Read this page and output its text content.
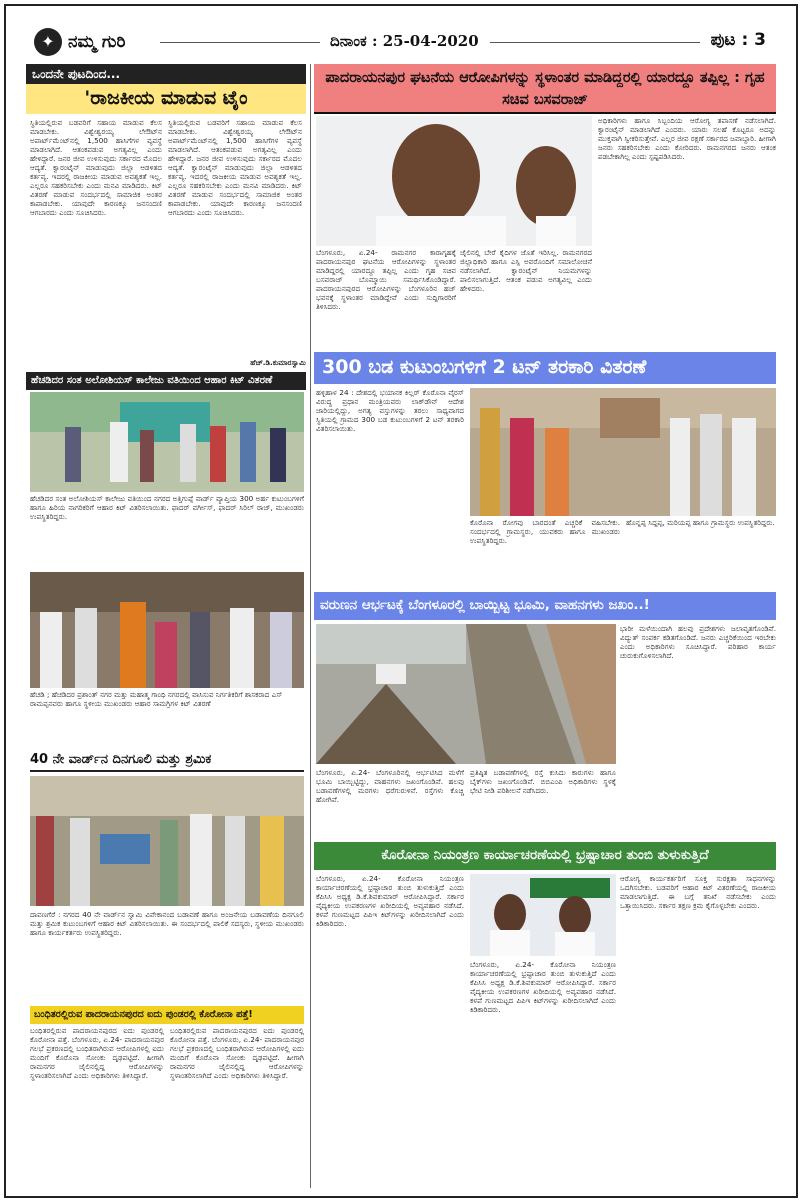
✦ ನಮ್ಮ ಗುರಿ	ದಿನಾಂಕ : 25-04-2020	ಪುಟ : 3
ಒಂದನೇ ಪುಟದಿಂದ...
'ರಾಜಕೀಯ ಮಾಡುವ ಟೈಂ
ಸ್ಥಿತಿಯಲ್ಲಿರುವ ಬಡವರಿಗೆ ಸಹಾಯ ಮಾಡುವ ಕೆಲಸ ಮಾಡಬೇಕು. ವಿಶ್ವೇಶ್ವರಯ್ಯ ಲೇಔಟ್‌ನ ಅಪಾರ್ಟ್‌ಮೆಂಟ್‌ನಲ್ಲಿ 1,500 ಹಾಸಿಗೆಗಳ ವ್ಯವಸ್ಥೆ ಮಾಡಲಾಗಿದೆ. ಆತಂಕಪಡುವ ಅಗತ್ಯವಿಲ್ಲ ಎಂದು ಹೇಳಿದ್ದಾರೆ. ಜನರ ಜೀವ ಉಳಿಸುವುದು ಸರ್ಕಾರದ ಮೊದಲ ಆದ್ಯತೆ. ಕ್ವಾರಂಟೈನ್ ಮಾಡುವುದು ಜಿಲ್ಲಾ ಆಡಳಿತದ ಕರ್ತವ್ಯ. ಇದರಲ್ಲಿ ರಾಜಕೀಯ ಮಾಡುವ ಅವಶ್ಯಕತೆ ಇಲ್ಲ. ಎಲ್ಲರೂ ಸಹಕರಿಸಬೇಕು ಎಂದು ಮನವಿ ಮಾಡಿದರು. ಕಿಟ್ ವಿತರಣೆ ಮಾಡುವ ಸಂದರ್ಭದಲ್ಲಿ ಸಾಮಾಜಿಕ ಅಂತರ ಕಾಪಾಡಬೇಕು. ಯಾವುದೇ ಕಾರಣಕ್ಕೂ ಜನಸಂದಣಿ ಆಗಬಾರದು ಎಂದು ಸೂಚಿಸಿದರು.
ಸ್ಥಿತಿಯಲ್ಲಿರುವ ಬಡವರಿಗೆ ಸಹಾಯ ಮಾಡುವ ಕೆಲಸ ಮಾಡಬೇಕು. ವಿಶ್ವೇಶ್ವರಯ್ಯ ಲೇಔಟ್‌ನ ಅಪಾರ್ಟ್‌ಮೆಂಟ್‌ನಲ್ಲಿ 1,500 ಹಾಸಿಗೆಗಳ ವ್ಯವಸ್ಥೆ ಮಾಡಲಾಗಿದೆ. ಆತಂಕಪಡುವ ಅಗತ್ಯವಿಲ್ಲ ಎಂದು ಹೇಳಿದ್ದಾರೆ. ಜನರ ಜೀವ ಉಳಿಸುವುದು ಸರ್ಕಾರದ ಮೊದಲ ಆದ್ಯತೆ. ಕ್ವಾರಂಟೈನ್ ಮಾಡುವುದು ಜಿಲ್ಲಾ ಆಡಳಿತದ ಕರ್ತವ್ಯ. ಇದರಲ್ಲಿ ರಾಜಕೀಯ ಮಾಡುವ ಅವಶ್ಯಕತೆ ಇಲ್ಲ. ಎಲ್ಲರೂ ಸಹಕರಿಸಬೇಕು ಎಂದು ಮನವಿ ಮಾಡಿದರು. ಕಿಟ್ ವಿತರಣೆ ಮಾಡುವ ಸಂದರ್ಭದಲ್ಲಿ ಸಾಮಾಜಿಕ ಅಂತರ ಕಾಪಾಡಬೇಕು. ಯಾವುದೇ ಕಾರಣಕ್ಕೂ ಜನಸಂದಣಿ ಆಗಬಾರದು ಎಂದು ಸೂಚಿಸಿದರು.
ಹೆಚ್.ಡಿ.ಕುಮಾರಸ್ವಾಮಿ
ಹೆಚಡಿದರ ಸಂತ ಅಲೋಶಿಯಸ್ ಕಾಲೇಜು ವತಿಯಿಂದ ಆಹಾರ ಕಿಟ್ ವಿತರಣೆ
ಹೆಚಡಿದರ ಸಂತ ಅಲೋಶಿಯಸ್ ಕಾಲೇಜು ವತಿಯಿಂದ ನಗರದ ಅತ್ತಿಗುಪ್ಪೆ ವಾರ್ಡ್ ವ್ಯಾಪ್ತಿಯ 300 ಅರ್ಹ ಕುಟುಂಬಗಳಿಗೆ ಹಾಗೂ ಹಿರಿಯ ನಾಗರಿಕರಿಗೆ ಆಹಾರ ಕಿಟ್ ವಿತರಿಸಲಾಯಿತು. ಫಾದರ್ ವರ್ಗೀಸ್, ಫಾದರ್ ಸಿರಿಲ್ ರಾಜ್, ಮುಖಂಡರು ಉಪಸ್ಥಿತರಿದ್ದರು.
ಹೆಚಡಿ ; ಹೆಚಡಿದರ ಪ್ರಶಾಂತ್ ನಗರ ಮತ್ತು ಮಹಾತ್ಮ ಗಾಂಧಿ ನಗರದಲ್ಲಿ ವಾಸಿಸುವ ನಿರ್ಗತಿಕರಿಗೆ ಶಾಸಕರಾದ ಎಸ್ ರಾಮಪ್ಪನವರು ಹಾಗೂ ಸ್ಥಳೀಯ ಮುಖಂಡರು ಆಹಾರ ಸಾಮಗ್ರಿಗಳ ಕಿಟ್ ವಿತರಣೆ
40 ನೇ ವಾರ್ಡ್‌ನ ದಿನಗೂಲಿ ಮತ್ತು ಶ್ರಮಿಕ
ದಾವಣಗೆರೆ : ನಗರದ 40 ನೇ ವಾರ್ಡ್‌ನ ಸ್ವಾಮಿ ವಿವೇಕಾನಂದ ಬಡಾವಣೆ ಹಾಗೂ ಅಂಜನೇಯ ಬಡಾವಣೆಯ ದಿನಗೂಲಿ ಮತ್ತು ಶ್ರಮಿಕ ಕುಟುಂಬಗಳಿಗೆ ಆಹಾರ ಕಿಟ್ ವಿತರಿಸಲಾಯಿತು. ಈ ಸಂದರ್ಭದಲ್ಲಿ ಪಾಲಿಕೆ ಸದಸ್ಯರು, ಸ್ಥಳೀಯ ಮುಖಂಡರು ಹಾಗೂ ಕಾರ್ಯಕರ್ತರು ಉಪಸ್ಥಿತರಿದ್ದರು.
ಬಂಧಿತರಲ್ಲಿರುವ ಪಾದರಾಯನಪುರದ ಐದು ಪುಂಡರಲ್ಲಿ ಕೊರೋನಾ ಪತ್ತೆ!
ಬಂಧಿತರಲ್ಲಿರುವ ಪಾದರಾಯನಪುರದ ಐದು ಪುಂಡರಲ್ಲಿ ಕೊರೋನಾ ಪತ್ತೆ. ಬೆಂಗಳೂರು, ಏ.24- ಪಾದರಾಯನಪುರ ಗಲಭೆ ಪ್ರಕರಣದಲ್ಲಿ ಬಂಧಿತರಾಗಿರುವ ಆರೋಪಿಗಳಲ್ಲಿ ಐದು ಮಂದಿಗೆ ಕೊರೊನಾ ಸೋಂಕು ದೃಢಪಟ್ಟಿದೆ. ಹೀಗಾಗಿ ರಾಮನಗರ ಜೈಲಿನಲ್ಲಿದ್ದ ಆರೋಪಿಗಳನ್ನು ಸ್ಥಳಾಂತರಿಸಲಾಗಿದೆ ಎಂದು ಅಧಿಕಾರಿಗಳು ತಿಳಿಸಿದ್ದಾರೆ.
ಬಂಧಿತರಲ್ಲಿರುವ ಪಾದರಾಯನಪುರದ ಐದು ಪುಂಡರಲ್ಲಿ ಕೊರೋನಾ ಪತ್ತೆ. ಬೆಂಗಳೂರು, ಏ.24- ಪಾದರಾಯನಪುರ ಗಲಭೆ ಪ್ರಕರಣದಲ್ಲಿ ಬಂಧಿತರಾಗಿರುವ ಆರೋಪಿಗಳಲ್ಲಿ ಐದು ಮಂದಿಗೆ ಕೊರೊನಾ ಸೋಂಕು ದೃಢಪಟ್ಟಿದೆ. ಹೀಗಾಗಿ ರಾಮನಗರ ಜೈಲಿನಲ್ಲಿದ್ದ ಆರೋಪಿಗಳನ್ನು ಸ್ಥಳಾಂತರಿಸಲಾಗಿದೆ ಎಂದು ಅಧಿಕಾರಿಗಳು ತಿಳಿಸಿದ್ದಾರೆ.
ಪಾದರಾಯನಪುರ ಘಟನೆಯ ಆರೋಪಿಗಳನ್ನು ಸ್ಥಳಾಂತರ ಮಾಡಿದ್ದರಲ್ಲಿ ಯಾರದ್ದೂ ತಪ್ಪಿಲ್ಲ : ಗೃಹ ಸಚಿವ ಬಸವರಾಜ್
ಬೆಂಗಳೂರು, ಏ.24- ರಾಮನಗರ ಕಾರಾಗೃಹಕ್ಕೆ ಪಾದರಾಯನಪುರ ಘಟನೆಯ ಆರೋಪಿಗಳನ್ನು ಸ್ಥಳಾಂತರ ಮಾಡಿದ್ದರಲ್ಲಿ ಯಾರದ್ದೂ ತಪ್ಪಿಲ್ಲ ಎಂದು ಗೃಹ ಸಚಿವ ಬಸವರಾಜ್ ಬೊಮ್ಮಾಯಿ ಸಮರ್ಥಿಸಿಕೊಂಡಿದ್ದಾರೆ. ಪಾದರಾಯನಪುರದ ಆರೋಪಿಗಳನ್ನು ಬೆಂಗಳೂರಿನ ಹಜ್ ಭವನಕ್ಕೆ ಸ್ಥಳಾಂತರ ಮಾಡಿದ್ದೇವೆ ಎಂದು ಸುದ್ದಿಗಾರರಿಗೆ ತಿಳಿಸಿದರು.
ಜೈಲಿನಲ್ಲಿ ಬೇರೆ ಕೈದಿಗಳ ಜೊತೆ ಇರಿಸಿಲ್ಲ. ರಾಮನಗರದ ಜಿಲ್ಲಾಧಿಕಾರಿ ಹಾಗೂ ಎಸ್ಪಿ ಅವರೊಂದಿಗೆ ಸಮಾಲೋಚನೆ ನಡೆಸಲಾಗಿದೆ. ಕ್ವಾರಂಟೈನ್ ನಿಯಮಗಳನ್ನು ಪಾಲಿಸಲಾಗುತ್ತಿದೆ. ಆತಂಕ ಪಡುವ ಅಗತ್ಯವಿಲ್ಲ ಎಂದು ಹೇಳಿದರು.
ಅಧಿಕಾರಿಗಳು ಹಾಗೂ ಸಿಬ್ಬಂದಿಯ ಆರೋಗ್ಯ ತಪಾಸಣೆ ನಡೆಸಲಾಗಿದೆ. ಕ್ವಾರಂಟೈನ್ ಮಾಡಲಾಗಿದೆ ಎಂದರು. ಯಾರು ಸಲಹೆ ಕೊಟ್ಟರೂ ಅದನ್ನು ಮುಕ್ತವಾಗಿ ಸ್ವೀಕರಿಸುತ್ತೇವೆ. ಎಲ್ಲರ ಜೀವ ರಕ್ಷಣೆ ಸರ್ಕಾರದ ಜವಾಬ್ದಾರಿ. ಹೀಗಾಗಿ ಜನರು ಸಹಕರಿಸಬೇಕು ಎಂದು ಕೋರಿದರು. ರಾಮನಗರದ ಜನರು ಆತಂಕ ಪಡಬೇಕಾಗಿಲ್ಲ ಎಂದು ಸ್ಪಷ್ಟಪಡಿಸಿದರು.
300 ಬಡ ಕುಟುಂಬಗಳಿಗೆ 2 ಟನ್ ತರಕಾರಿ ವಿತರಣೆ
ಹಳ್ಳಿಹಾಳ 24 : ದೇಶದಲ್ಲಿ ಭಯಾನಕ ಕಿಲ್ಲರ್ ಕೊರೊನಾ ವೈರಸ್ ವಿರುದ್ಧ ಪ್ರಧಾನ ಮಂತ್ರಿಯವರು ಲಾಕ್‌ಡೌನ್ ಆದೇಶ ಜಾರಿಯಲ್ಲಿದ್ದು, ಅಗತ್ಯ ವಸ್ತುಗಳನ್ನು ತರಲು ಸಾಧ್ಯವಾಗದ ಸ್ಥಿತಿಯಲ್ಲಿ ಗ್ರಾಮದ 300 ಬಡ ಕುಟುಂಬಗಳಿಗೆ 2 ಟನ್ ತರಕಾರಿ ವಿತರಿಸಲಾಯಿತು.
ಕೊರೊನಾ ರೋಗವು ಬಾರದಂತೆ ಎಚ್ಚರಿಕೆ ವಹಿಸಬೇಕು. ಸಂದರ್ಭದಲ್ಲಿ ಗ್ರಾಮಸ್ಥರು, ಯುವಕರು ಹಾಗೂ ಮುಖಂಡರು ಉಪಸ್ಥಿತರಿದ್ದರು.
ಹೊನ್ನಪ್ಪ ಸಿದ್ದಪ್ಪ, ಮರಿಯಪ್ಪ ಹಾಗೂ ಗ್ರಾಮಸ್ಥರು ಉಪಸ್ಥಿತರಿದ್ದರು.
ವರುಣನ ಆರ್ಭಟಕ್ಕೆ ಬೆಂಗಳೂರಲ್ಲಿ ಬಾಯ್ಬಿಟ್ಟ ಭೂಮಿ, ವಾಹನಗಳು ಜಖಂ..!
ಭಾರೀ ಮಳೆಯಿಂದಾಗಿ ಹಲವು ಪ್ರದೇಶಗಳು ಜಲಾವೃತಗೊಂಡಿವೆ. ವಿದ್ಯುತ್ ಸಂಪರ್ಕ ಕಡಿತಗೊಂಡಿದೆ. ಜನರು ಎಚ್ಚರಿಕೆಯಿಂದ ಇರಬೇಕು ಎಂದು ಅಧಿಕಾರಿಗಳು ಸೂಚಿಸಿದ್ದಾರೆ. ಪರಿಹಾರ ಕಾರ್ಯ ಚುರುಕುಗೊಳಿಸಲಾಗಿದೆ.
ಬೆಂಗಳೂರು, ಏ.24- ಬೆಂಗಳೂರಿನಲ್ಲಿ ಆರ್ಭಟಿಸಿದ ಮಳೆಗೆ ಭೂಮಿ ಬಾಯ್ಬಿಟ್ಟಿದ್ದು, ವಾಹನಗಳು ಜಖಂಗೊಂಡಿವೆ. ಹಲವು ಬಡಾವಣೆಗಳಲ್ಲಿ ಮರಗಳು ಧರೆಗುರುಳಿವೆ. ರಸ್ತೆಗಳು ಕೊಚ್ಚಿ ಹೋಗಿವೆ.
ಪ್ರತಿಷ್ಠಿತ ಬಡಾವಣೆಗಳಲ್ಲಿ ರಸ್ತೆ ಕುಸಿದು ಕಾರುಗಳು ಹಾಗೂ ಬೈಕ್‌ಗಳು ಜಖಂಗೊಂಡಿವೆ. ಬಿಬಿಎಂಪಿ ಅಧಿಕಾರಿಗಳು ಸ್ಥಳಕ್ಕೆ ಭೇಟಿ ನೀಡಿ ಪರಿಶೀಲನೆ ನಡೆಸಿದರು.
ಕೊರೋನಾ ನಿಯಂತ್ರಣ ಕಾರ್ಯಾಚರಣೆಯಲ್ಲಿ ಭ್ರಷ್ಟಾಚಾರ ತುಂಬಿ ತುಳುಕುತ್ತಿದೆ
ಬೆಂಗಳೂರು, ಏ.24- ಕೊರೋನಾ ನಿಯಂತ್ರಣ ಕಾರ್ಯಾಚರಣೆಯಲ್ಲಿ ಭ್ರಷ್ಟಾಚಾರ ತುಂಬಿ ತುಳುಕುತ್ತಿದೆ ಎಂದು ಕೆಪಿಸಿಸಿ ಅಧ್ಯಕ್ಷ ಡಿ.ಕೆ.ಶಿವಕುಮಾರ್ ಆರೋಪಿಸಿದ್ದಾರೆ. ಸರ್ಕಾರ ವೈದ್ಯಕೀಯ ಉಪಕರಣಗಳ ಖರೀದಿಯಲ್ಲಿ ಅವ್ಯವಹಾರ ನಡೆಸಿದೆ. ಕಳಪೆ ಗುಣಮಟ್ಟದ ಪಿಪಿಇ ಕಿಟ್‌ಗಳನ್ನು ಖರೀದಿಸಲಾಗಿದೆ ಎಂದು ಕಿಡಿಕಾರಿದರು.
ಬೆಂಗಳೂರು, ಏ.24- ಕೊರೋನಾ ನಿಯಂತ್ರಣ ಕಾರ್ಯಾಚರಣೆಯಲ್ಲಿ ಭ್ರಷ್ಟಾಚಾರ ತುಂಬಿ ತುಳುಕುತ್ತಿದೆ ಎಂದು ಕೆಪಿಸಿಸಿ ಅಧ್ಯಕ್ಷ ಡಿ.ಕೆ.ಶಿವಕುಮಾರ್ ಆರೋಪಿಸಿದ್ದಾರೆ. ಸರ್ಕಾರ ವೈದ್ಯಕೀಯ ಉಪಕರಣಗಳ ಖರೀದಿಯಲ್ಲಿ ಅವ್ಯವಹಾರ ನಡೆಸಿದೆ. ಕಳಪೆ ಗುಣಮಟ್ಟದ ಪಿಪಿಇ ಕಿಟ್‌ಗಳನ್ನು ಖರೀದಿಸಲಾಗಿದೆ ಎಂದು ಕಿಡಿಕಾರಿದರು.
ಆರೋಗ್ಯ ಕಾರ್ಯಕರ್ತರಿಗೆ ಸೂಕ್ತ ಸುರಕ್ಷತಾ ಸಾಧನಗಳನ್ನು ಒದಗಿಸಬೇಕು. ಬಡವರಿಗೆ ಆಹಾರ ಕಿಟ್ ವಿತರಣೆಯಲ್ಲಿ ರಾಜಕೀಯ ಮಾಡಲಾಗುತ್ತಿದೆ. ಈ ಬಗ್ಗೆ ತನಿಖೆ ನಡೆಸಬೇಕು ಎಂದು ಒತ್ತಾಯಿಸಿದರು. ಸರ್ಕಾರ ತಕ್ಷಣ ಕ್ರಮ ಕೈಗೊಳ್ಳಬೇಕು ಎಂದರು.
